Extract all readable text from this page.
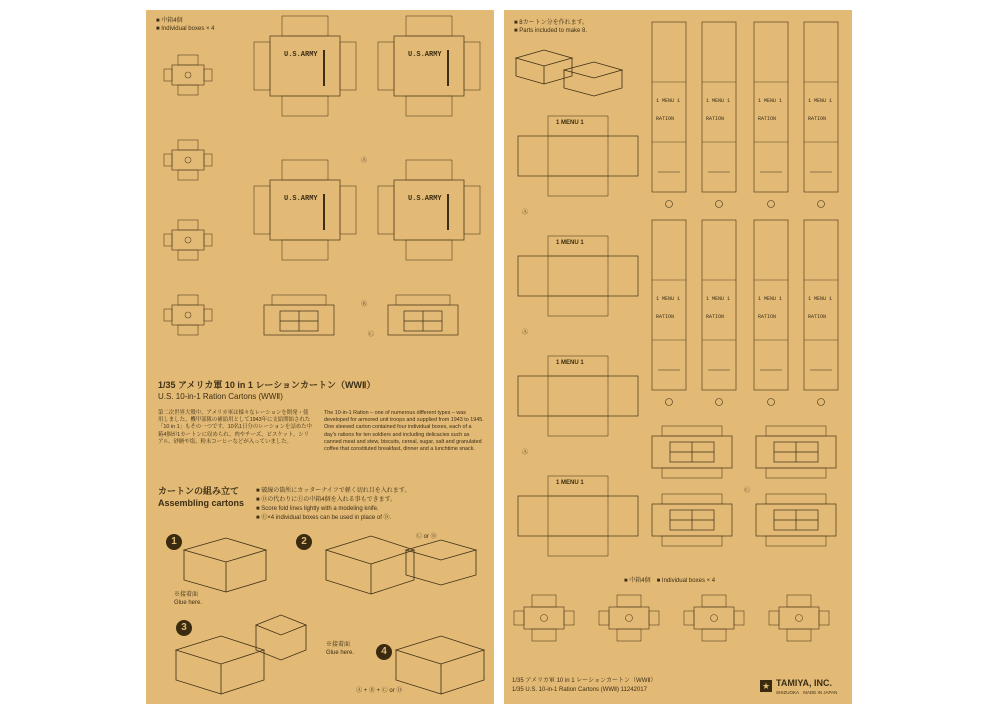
U.S.ARMY
■ 中箱4個
■ Individual boxes × 4
Ⓐ
Ⓑ
Ⓒ
1/35 アメリカ軍 10 in 1 レーションカートン（WWⅡ）
U.S. 10-in-1 Ration Cartons (WWⅡ)
第二次世界大戦中、アメリカ軍は様々なレーションを開発・使用しました。機甲部隊の補給用として1943年に支給開始された「10 in 1」もその一つです。10名1日分のレーションを詰めた中箱4個が1カートンに収められ、肉やチーズ、ビスケット、シリアル、砂糖や塩、粉末コーヒーなどが入っていました。
The 10-in-1 Ration – one of numerous different types – was developed for armored unit troops and supplied from 1943 to 1945. One sleeved carton contained four individual boxes, each of a day's rations for ten soldiers and including delicacies such as canned meat and stew, biscuits, cereal, sugar, salt and granulated coffee that constituted breakfast, dinner and a lunchtime snack.
カートンの組み立て
Assembling cartons
■ 破線の箇所にカッターナイフで軽く切れ目を入れます。
■ Ⓓの代わりにⒺの中箱4個を入れる事もできます。
■ Score fold lines lightly with a modeling knife.
■ Ⓔ×4 individual boxes can be used in place of Ⓓ.
1	2
3
4
Ⓒ or Ⓓ
※接着面
Glue here.
※接着面
Glue here.
Ⓐ + Ⓑ + Ⓒ or Ⓓ
1 MENU 1
RATION
■ 8カートン分を作れます。
■ Parts included to make 8.
1 MENU 1
1 MENU 1
1 MENU 1
1 MENU 1
Ⓐ
Ⓐ
Ⓐ
Ⓒ
■ 中箱4個　■ Individual boxes × 4
1/35 アメリカ軍 10 in 1 レーションカートン（WWⅡ）
1/35 U.S. 10-in-1 Ration Cartons (WWⅡ) 11242017	★ TAMIYA, INC.
SHIZUOKA　MADE IN JAPAN
